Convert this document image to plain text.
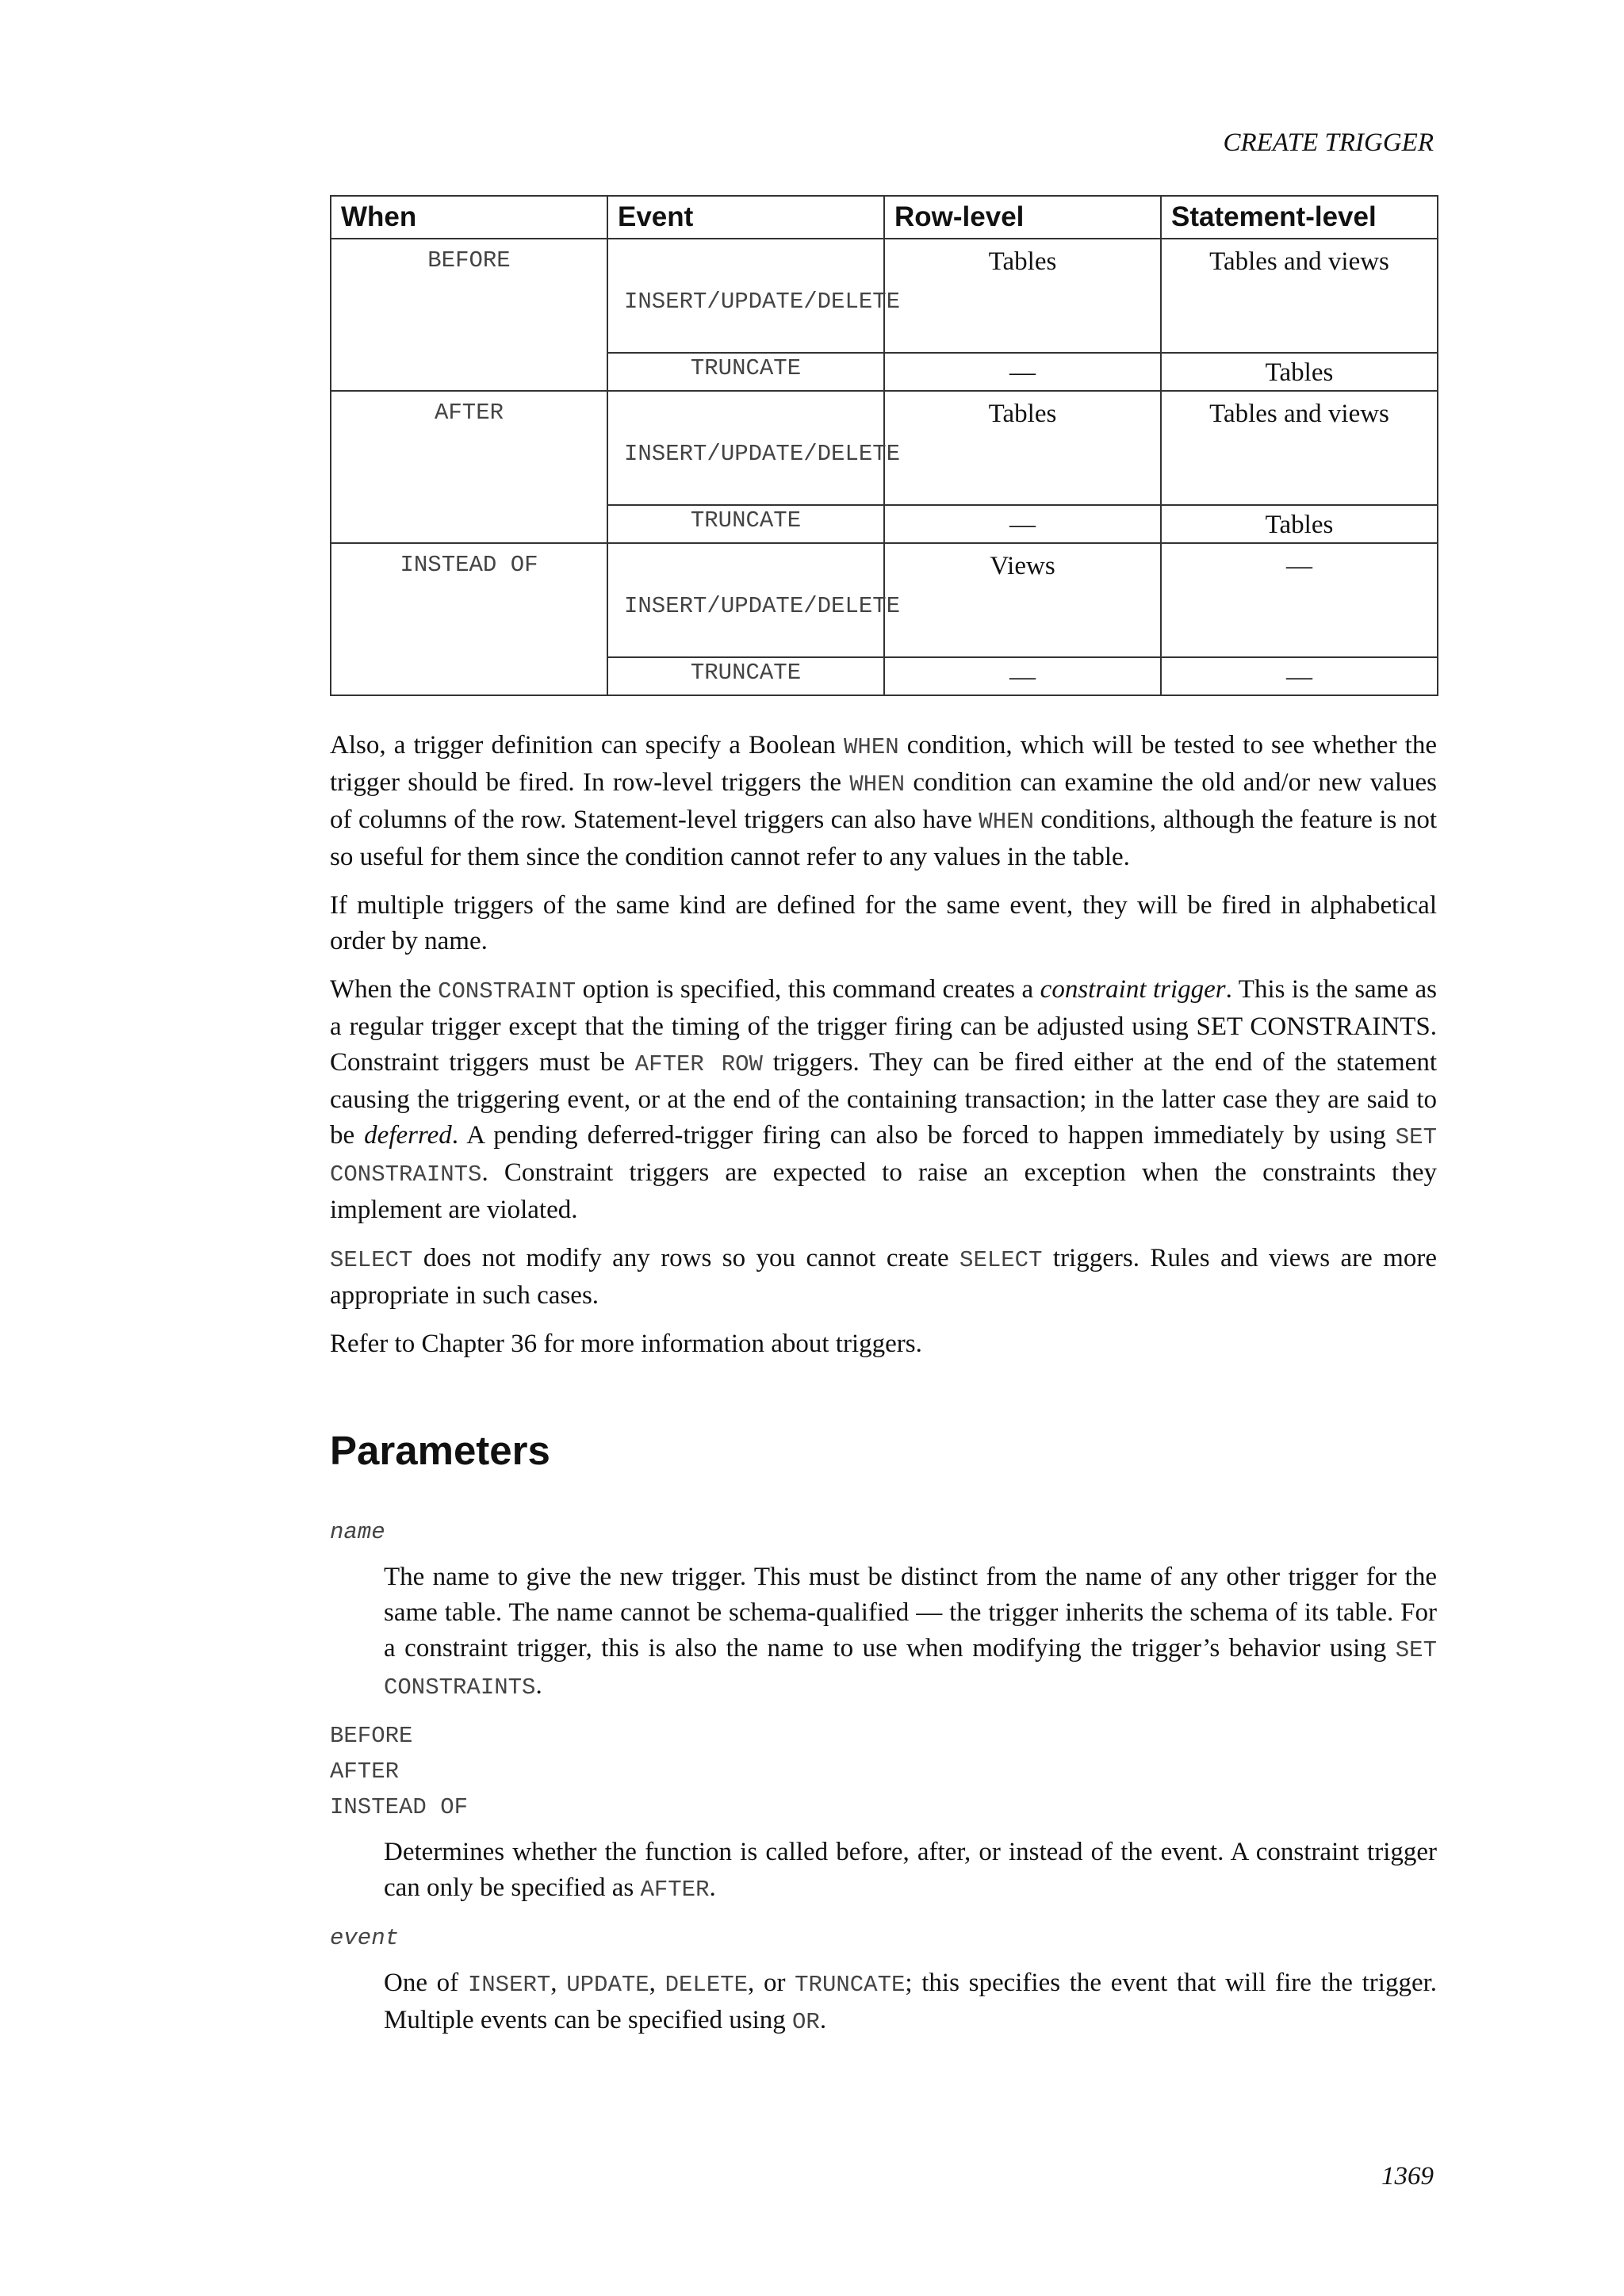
CREATE TRIGGER
When	Event	Row-level	Statement-level

BEFORE	INSERT/UPDATE/DELETE	Tables	Tables and views

	TRUNCATE	—	Tables

AFTER	INSERT/UPDATE/DELETE	Tables	Tables and views

	TRUNCATE	—	Tables

INSTEAD OF	INSERT/UPDATE/DELETE	Views	—

	TRUNCATE	—	—

Also, a trigger definition can specify a Boolean WHEN condition, which will be tested to see whether the trigger should be fired. In row-level triggers the WHEN condition can examine the old and/or new values of columns of the row. Statement-level triggers can also have WHEN conditions, although the feature is not so useful for them since the condition cannot refer to any values in the table.

If multiple triggers of the same kind are defined for the same event, they will be fired in alphabetical order by name.

When the CONSTRAINT option is specified, this command creates a constraint trigger. This is the same as a regular trigger except that the timing of the trigger firing can be adjusted using SET CONSTRAINTS. Constraint triggers must be AFTER ROW triggers. They can be fired either at the end of the statement causing the triggering event, or at the end of the containing transaction; in the latter case they are said to be deferred. A pending deferred-trigger firing can also be forced to happen immediately by using SET CONSTRAINTS. Constraint triggers are expected to raise an exception when the constraints they implement are violated.

SELECT does not modify any rows so you cannot create SELECT triggers. Rules and views are more appropriate in such cases.

Refer to Chapter 36 for more information about triggers.

Parameters
name
The name to give the new trigger. This must be distinct from the name of any other trigger for the same table. The name cannot be schema-qualified — the trigger inherits the schema of its table. For a constraint trigger, this is also the name to use when modifying the trigger’s behavior using SET CONSTRAINTS.
BEFORE
AFTER
INSTEAD OF
Determines whether the function is called before, after, or instead of the event. A constraint trigger can only be specified as AFTER.
event
One of INSERT, UPDATE, DELETE, or TRUNCATE; this specifies the event that will fire the trigger. Multiple events can be specified using OR.
1369
